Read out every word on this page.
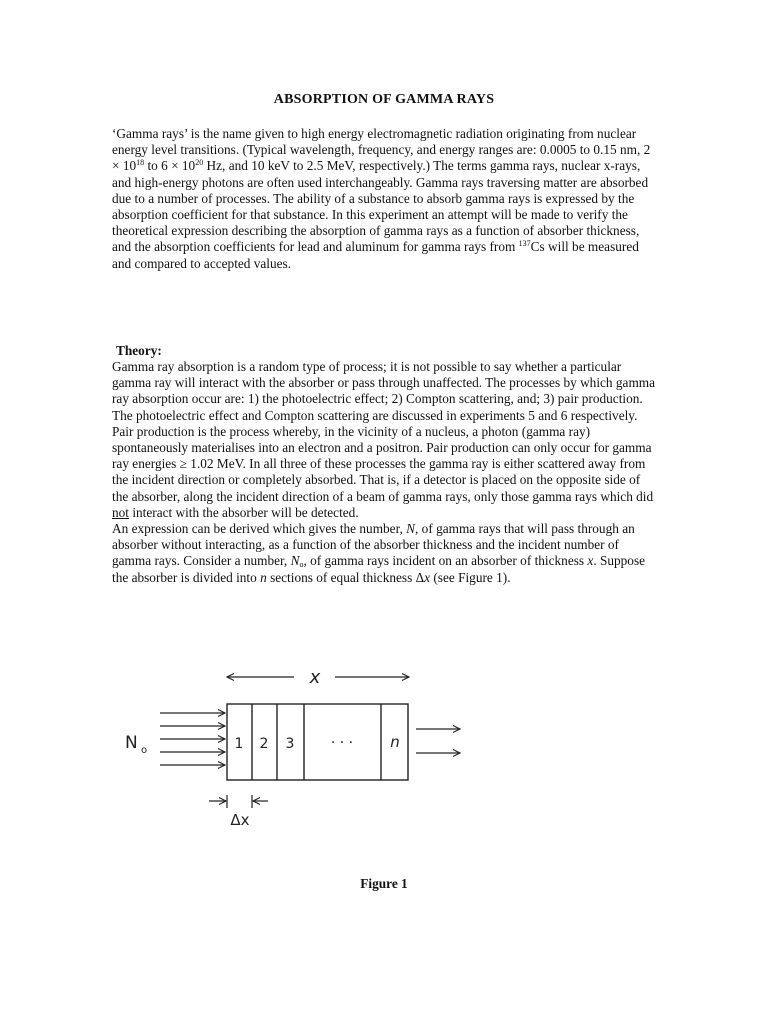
ABSORPTION OF GAMMA RAYS

‘Gamma rays’ is the name given to high energy electromagnetic radiation originating from nuclear energy level transitions. (Typical wavelength, frequency, and energy ranges are: 0.0005 to 0.15 nm, $2 \times 10^{18}$ to $6 \times 10^{20}$ Hz, and 10 keV to 2.5 MeV, respectively.) The terms gamma rays, nuclear x-rays, and high-energy photons are often used interchangeably. Gamma rays traversing matter are absorbed due to a number of processes. The ability of a substance to absorb gamma rays is expressed by the absorption coefficient for that substance. In this experiment an attempt will be made to verify the theoretical expression describing the absorption of gamma rays as a function of absorber thickness, and the absorption coefficients for lead and aluminum for gamma rays from $^{137}$Cs will be measured and compared to accepted values.

Theory:

Gamma ray absorption is a random type of process; it is not possible to say whether a particular gamma ray will interact with the absorber or pass through unaffected. The processes by which gamma ray absorption occur are: 1) the photoelectric effect; 2) Compton scattering, and; 3) pair production. The photoelectric effect and Compton scattering are discussed in experiments 5 and 6 respectively. Pair production is the process whereby, in the vicinity of a nucleus, a photon (gamma ray) spontaneously materialises into an electron and a positron. Pair production can only occur for gamma ray energies ≥ 1.02 MeV. In all three of these processes the gamma ray is either scattered away from the incident direction or completely absorbed. That is, if a detector is placed on the opposite side of the absorber, along the incident direction of a beam of gamma rays, only those gamma rays which did not interact with the absorber will be detected.
An expression can be derived which gives the number, N, of gamma rays that will pass through an absorber without interacting, as a function of the absorber thickness and the incident number of gamma rays. Consider a number, $N_o$, of gamma rays incident on an absorber of thickness x. Suppose the absorber is divided into n sections of equal thickness Δx (see Figure 1).

x
N o	1 2 3	· · · n
Δx
Figure 1
